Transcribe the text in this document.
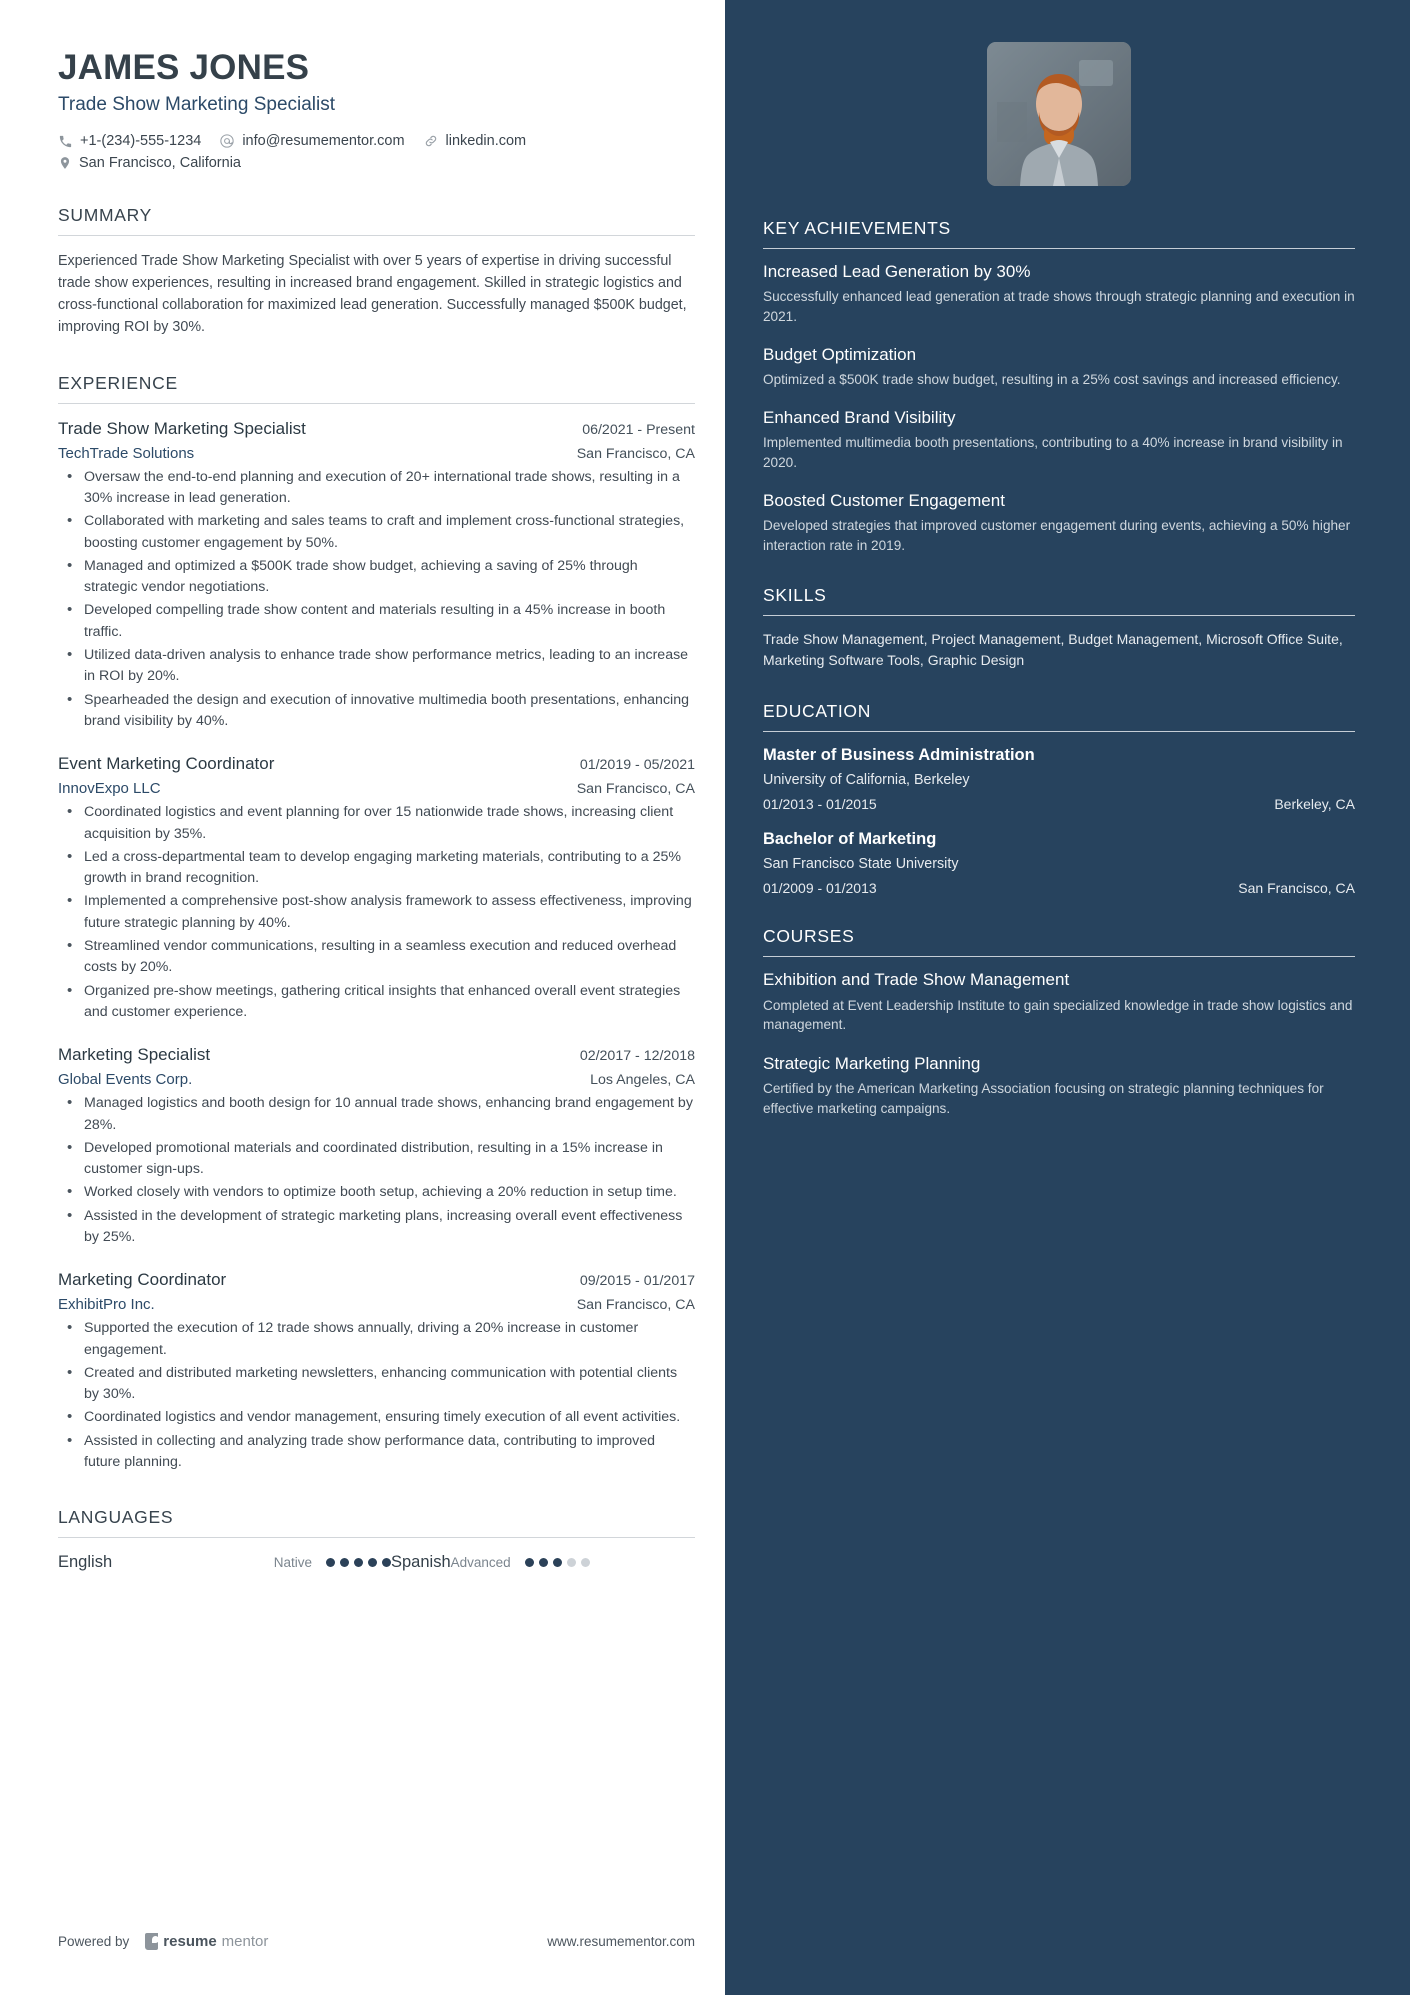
JAMES JONES
Trade Show Marketing Specialist
+1-(234)-555-1234	info@resumementor.com	linkedin.com
San Francisco, California
SUMMARY
Experienced Trade Show Marketing Specialist with over 5 years of expertise in driving successful trade show experiences, resulting in increased brand engagement. Skilled in strategic logistics and cross-functional collaboration for maximized lead generation. Successfully managed $500K budget, improving ROI by 30%.
EXPERIENCE
Trade Show Marketing Specialist	06/2021 - Present
TechTrade Solutions	San Francisco, CA
• Oversaw the end-to-end planning and execution of 20+ international trade shows, resulting in a 30% increase in lead generation.
• Collaborated with marketing and sales teams to craft and implement cross-functional strategies, boosting customer engagement by 50%.
• Managed and optimized a $500K trade show budget, achieving a saving of 25% through strategic vendor negotiations.
• Developed compelling trade show content and materials resulting in a 45% increase in booth traffic.
• Utilized data-driven analysis to enhance trade show performance metrics, leading to an increase in ROI by 20%.
• Spearheaded the design and execution of innovative multimedia booth presentations, enhancing brand visibility by 40%.
Event Marketing Coordinator	01/2019 - 05/2021
InnovExpo LLC	San Francisco, CA
• Coordinated logistics and event planning for over 15 nationwide trade shows, increasing client acquisition by 35%.
• Led a cross-departmental team to develop engaging marketing materials, contributing to a 25% growth in brand recognition.
• Implemented a comprehensive post-show analysis framework to assess effectiveness, improving future strategic planning by 40%.
• Streamlined vendor communications, resulting in a seamless execution and reduced overhead costs by 20%.
• Organized pre-show meetings, gathering critical insights that enhanced overall event strategies and customer experience.
Marketing Specialist	02/2017 - 12/2018
Global Events Corp.	Los Angeles, CA
• Managed logistics and booth design for 10 annual trade shows, enhancing brand engagement by 28%.
• Developed promotional materials and coordinated distribution, resulting in a 15% increase in customer sign-ups.
• Worked closely with vendors to optimize booth setup, achieving a 20% reduction in setup time.
• Assisted in the development of strategic marketing plans, increasing overall event effectiveness by 25%.
Marketing Coordinator	09/2015 - 01/2017
ExhibitPro Inc.	San Francisco, CA
• Supported the execution of 12 trade shows annually, driving a 20% increase in customer engagement.
• Created and distributed marketing newsletters, enhancing communication with potential clients by 30%.
• Coordinated logistics and vendor management, ensuring timely execution of all event activities.
• Assisted in collecting and analyzing trade show performance data, contributing to improved future planning.
LANGUAGES
English	Native	Spanish Advanced
Powered by resume mentor	www.resumementor.com
KEY ACHIEVEMENTS
Increased Lead Generation by 30%
Successfully enhanced lead generation at trade shows through strategic planning and execution in 2021.
Budget Optimization
Optimized a $500K trade show budget, resulting in a 25% cost savings and increased efficiency.
Enhanced Brand Visibility
Implemented multimedia booth presentations, contributing to a 40% increase in brand visibility in 2020.
Boosted Customer Engagement
Developed strategies that improved customer engagement during events, achieving a 50% higher interaction rate in 2019.
SKILLS
Trade Show Management, Project Management, Budget Management, Microsoft Office Suite, Marketing Software Tools, Graphic Design
EDUCATION
Master of Business Administration
University of California, Berkeley
01/2013 - 01/2015	Berkeley, CA
Bachelor of Marketing
San Francisco State University
01/2009 - 01/2013	San Francisco, CA
COURSES
Exhibition and Trade Show Management
Completed at Event Leadership Institute to gain specialized knowledge in trade show logistics and management.
Strategic Marketing Planning
Certified by the American Marketing Association focusing on strategic planning techniques for effective marketing campaigns.
